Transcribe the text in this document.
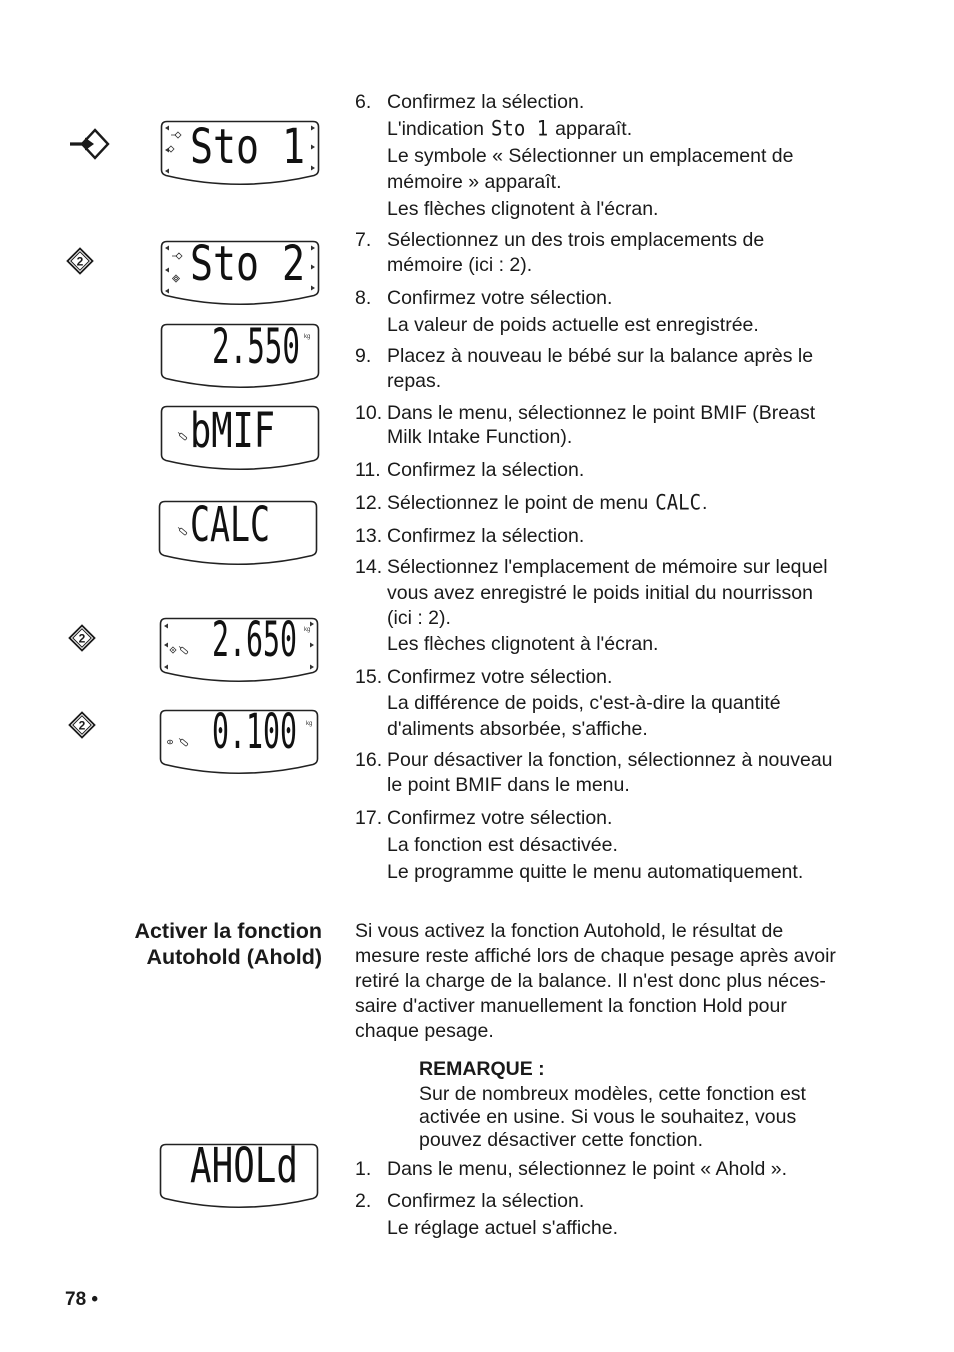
2
2
2
Sto 1
Sto 2
kg
2.550
bMIF
CALC
kg
2.650
kg
0.100
AHOLd
6. Confirmez la sélection.
L'indication Sto 1 apparaît.
Le symbole « Sélectionner un emplacement de
mémoire » apparaît.
Les flèches clignotent à l'écran.
7. Sélectionnez un des trois emplacements de
mémoire (ici : 2).
8. Confirmez votre sélection.
La valeur de poids actuelle est enregistrée.
9. Placez à nouveau le bébé sur la balance après le
repas.
10. Dans le menu, sélectionnez le point BMIF (Breast
Milk Intake Function).
11. Confirmez la sélection.
12. Sélectionnez le point de menu CALC.
13. Confirmez la sélection.
14. Sélectionnez l'emplacement de mémoire sur lequel
vous avez enregistré le poids initial du nourrisson
(ici : 2).
Les flèches clignotent à l'écran.
15. Confirmez votre sélection.
La différence de poids, c'est-à-dire la quantité
d'aliments absorbée, s'affiche.
16. Pour désactiver la fonction, sélectionnez à nouveau
le point BMIF dans le menu.
17. Confirmez votre sélection.
La fonction est désactivée.
Le programme quitte le menu automatiquement.
Activer la fonction
Autohold (Ahold)
Si vous activez la fonction Autohold, le résultat de
mesure reste affiché lors de chaque pesage après avoir
retiré la charge de la balance. Il n'est donc plus néces-
saire d'activer manuellement la fonction Hold pour
chaque pesage.
REMARQUE :
Sur de nombreux modèles, cette fonction est
activée en usine. Si vous le souhaitez, vous
pouvez désactiver cette fonction.
1. Dans le menu, sélectionnez le point « Ahold ».
2. Confirmez la sélection.
Le réglage actuel s'affiche.
78 •
